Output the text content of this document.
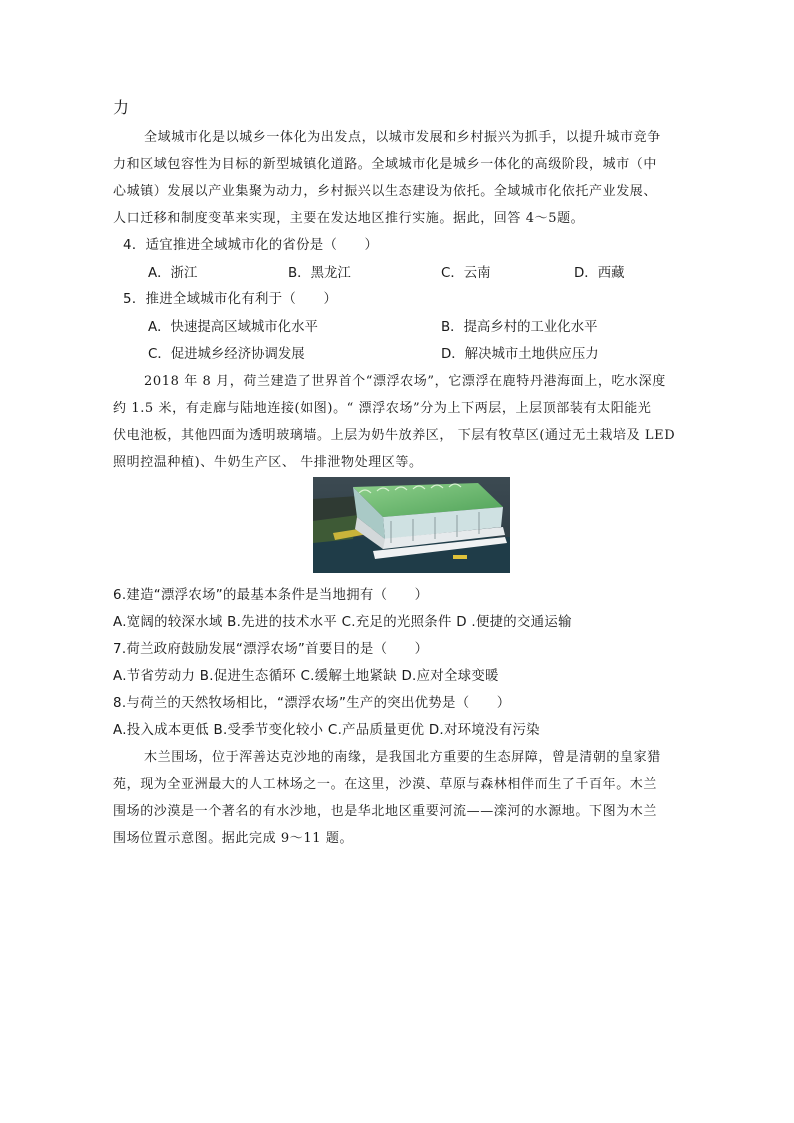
力
全域城市化是以城乡一体化为出发点，以城市发展和乡村振兴为抓手，以提升城市竞争
力和区域包容性为目标的新型城镇化道路。全域城市化是城乡一体化的高级阶段，城市（中
心城镇）发展以产业集聚为动力，乡村振兴以生态建设为依托。全域城市化依托产业发展、
人口迁移和制度变革来实现，主要在发达地区推行实施。据此，回答 4～5题。
4．适宜推进全域城市化的省份是（　　）
A．浙江	B．黑龙江	C．云南	D．西藏
5．推进全域城市化有利于（　　）
A．快速提高区域城市化水平	B．提高乡村的工业化水平
C．促进城乡经济协调发展	D．解决城市土地供应压力
2018 年 8 月，荷兰建造了世界首个“漂浮农场”，它漂浮在鹿特丹港海面上，吃水深度
约 1.5 米，有走廊与陆地连接(如图)。“ 漂浮农场”分为上下两层，上层顶部装有太阳能光
伏电池板，其他四面为透明玻璃墙。上层为奶牛放养区， 下层有牧草区(通过无土栽培及 LED
照明控温种植)、牛奶生产区、 牛排泄物处理区等。
6.建造“漂浮农场”的最基本条件是当地拥有（　　）
A.宽阔的较深水域 B.先进的技术水平 C.充足的光照条件 D .便捷的交通运输
7.荷兰政府鼓励发展“漂浮农场”首要目的是（　　）
A.节省劳动力 B.促进生态循环 C.缓解土地紧缺 D.应对全球变暖
8.与荷兰的天然牧场相比，“漂浮农场”生产的突出优势是（　　）
A.投入成本更低 B.受季节变化较小 C.产品质量更优 D.对环境没有污染
木兰围场，位于浑善达克沙地的南缘，是我国北方重要的生态屏障，曾是清朝的皇家猎
苑，现为全亚洲最大的人工林场之一。在这里，沙漠、草原与森林相伴而生了千百年。木兰
围场的沙漠是一个著名的有水沙地，也是华北地区重要河流——滦河的水源地。下图为木兰
围场位置示意图。据此完成 9～11 题。
